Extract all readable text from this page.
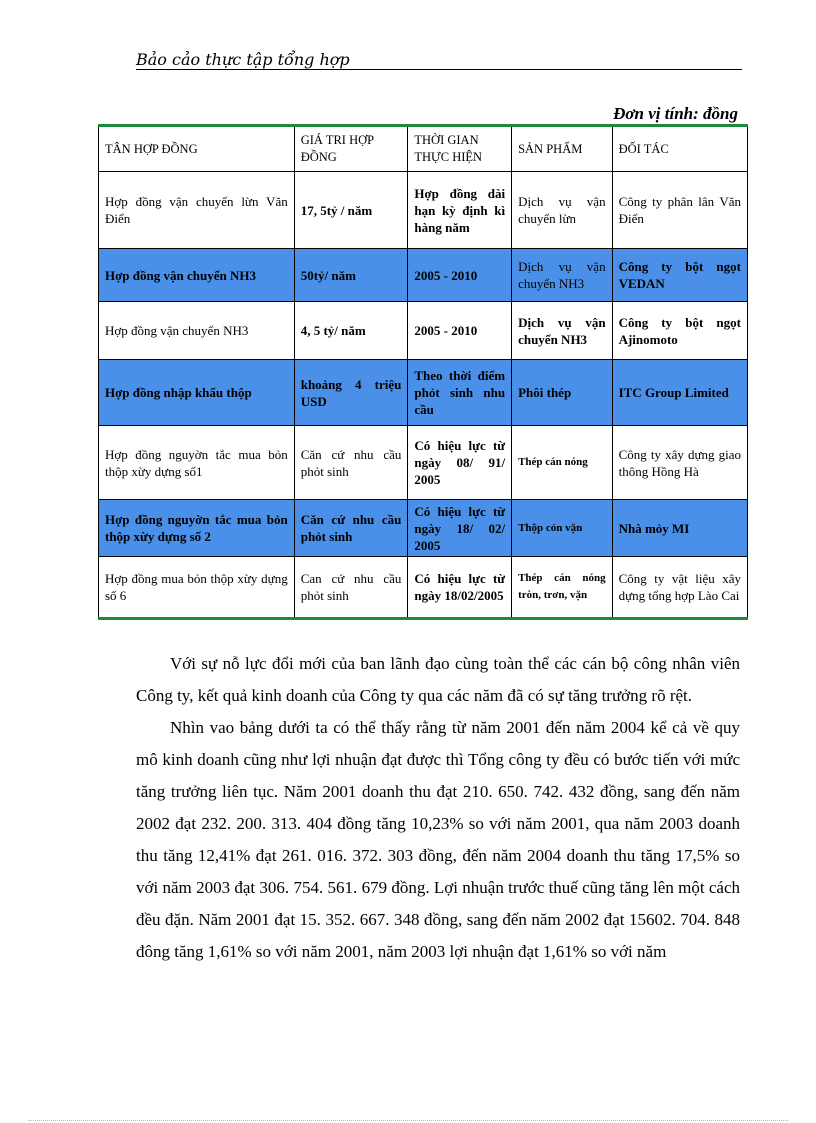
Bảo cảo thực tập tổng hợp
Đơn vị tính: đồng
TÂN HỢP ĐỒNG	GIÁ TRI HỢP ĐỒNG	THỜI GIAN THỰC HIỆN	SẢN PHẨM	ĐỐI TÁC
Hợp đồng vận chuyển lừn Văn Điển	17, 5tỷ / năm	Hợp đồng dài hạn kỳ định kì hàng năm	Dịch vụ vận chuyển lừn	Công ty phân lân Văn Điển
Hợp đồng vận chuyển NH3	50tỷ/ năm	2005 - 2010	Dịch vụ vận chuyển NH3	Công ty bột ngọt VEDAN
Hợp đồng vận chuyển NH3	4, 5 tỷ/ năm	2005 - 2010	Dịch vụ vận chuyển NH3	Công ty bột ngọt Ajinomoto
Hợp đồng nhập khẩu thộp	khoảng 4 triệu USD	Theo thời điểm phỏt sinh nhu cầu	Phôi thép	ITC Group Limited
Hợp đồng nguyờn tắc mua bỏn thộp xừy dựng số1	Căn cứ nhu cầu phỏt sinh	Có hiệu lực từ ngày 08/ 91/ 2005	Thép cán nóng	Công ty xây dựng giao thông Hồng Hà
Hợp đồng nguyờn tắc mua bỏn thộp xừy dựng số 2	Căn cứ nhu cầu phỏt sinh	Có hiệu lực từ ngày 18/ 02/ 2005	Thộp cỏn vặn	Nhà mỏy MI
Hợp đồng mua bỏn thộp xừy dựng số 6	Can cứ nhu cầu phỏt sinh	Có hiệu lực từ ngày 18/02/2005	Thép cán nóng tròn, trơn, vặn	Công ty vật liệu xây dựng tổng hợp Lào Cai

Với sự nỗ lực đổi mới của ban lãnh đạo cùng toàn thể các cán bộ công nhân viên Công ty, kết quả kinh doanh của Công ty qua các năm đã có sự tăng trưởng rõ rệt.

Nhìn vao bảng dưới ta có thể thấy rằng từ năm 2001 đến năm 2004 kể cả về quy mô kinh doanh cũng như lợi nhuận đạt được thì Tổng công ty đều có bước tiến với mức tăng trưởng liên tục. Năm 2001 doanh thu đạt 210. 650. 742. 432 đồng, sang đến năm 2002 đạt 232. 200. 313. 404 đồng tăng 10,23% so với năm 2001, qua năm 2003 doanh thu tăng 12,41% đạt 261. 016. 372. 303 đồng, đến năm 2004 doanh thu tăng 17,5% so với năm 2003 đạt 306. 754. 561. 679 đồng. Lợi nhuận trước thuế cũng tăng lên một cách đều đặn. Năm 2001 đạt 15. 352. 667. 348 đồng, sang đến năm 2002 đạt 15602. 704. 848 đông tăng 1,61% so với năm 2001, năm 2003 lợi nhuận đạt 1,61% so với năm
